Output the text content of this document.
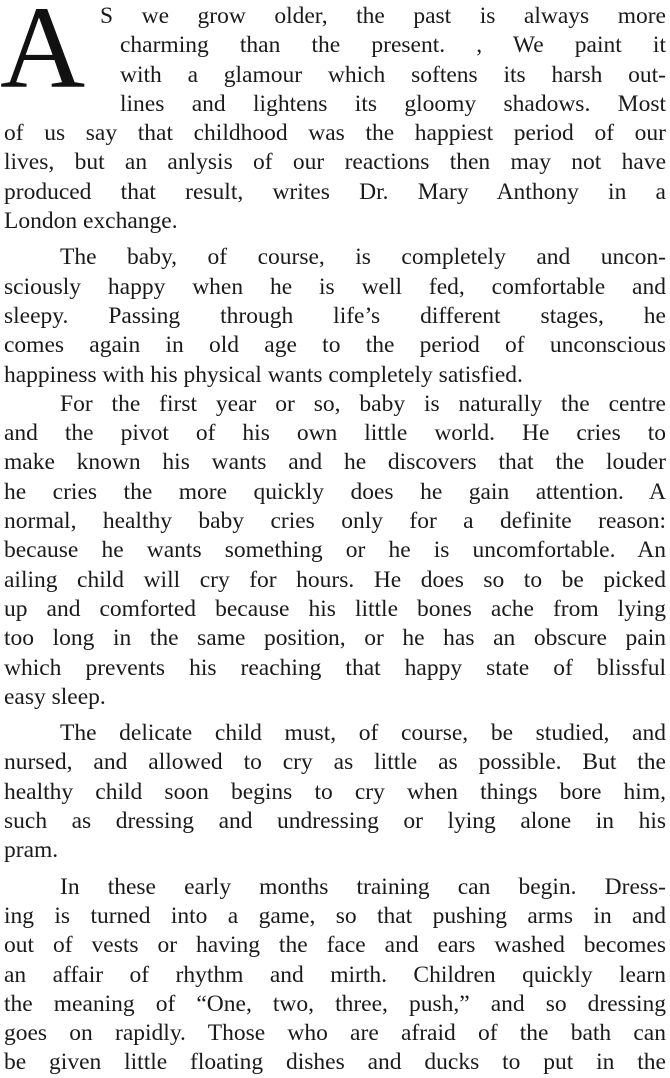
A S we grow older, the past is always more
charming than the present. , We paint it
with a glamour which softens its harsh out-
lines and lightens its gloomy shadows. Most
of us say that childhood was the happiest period of our
lives, but an anlysis of our reactions then may not have
produced that result, writes Dr. Mary Anthony in a
London exchange.
The baby, of course, is completely and uncon-
sciously happy when he is well fed, comfortable and
sleepy. Passing through life’s different stages, he
comes again in old age to the period of unconscious
happiness with his physical wants completely satisfied.
For the first year or so, baby is naturally the centre
and the pivot of his own little world. He cries to
make known his wants and he discovers that the louder
he cries the more quickly does he gain attention. A
normal, healthy baby cries only for a definite reason:
because he wants something or he is uncomfortable. An
ailing child will cry for hours. He does so to be picked
up and comforted because his little bones ache from lying
too long in the same position, or he has an obscure pain
which prevents his reaching that happy state of blissful
easy sleep.
The delicate child must, of course, be studied, and
nursed, and allowed to cry as little as possible. But the
healthy child soon begins to cry when things bore him,
such as dressing and undressing or lying alone in his
pram.
In these early months training can begin. Dress-
ing is turned into a game, so that pushing arms in and
out of vests or having the face and ears washed becomes
an affair of rhythm and mirth. Children quickly learn
the meaning of “One, two, three, push,” and so dressing
goes on rapidly. Those who are afraid of the bath can
be given little floating dishes and ducks to put in the
